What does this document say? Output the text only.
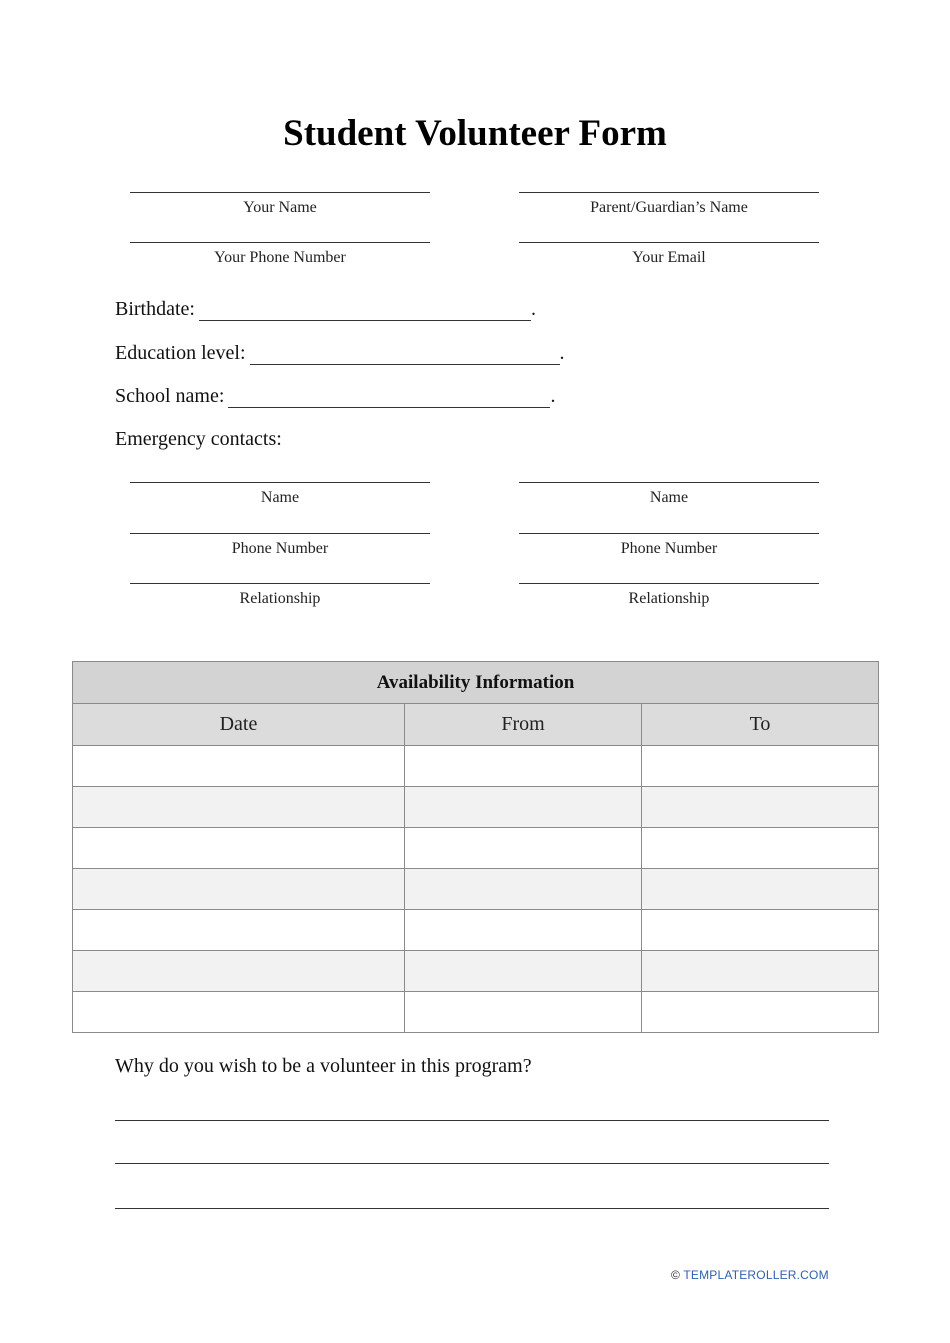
Student Volunteer Form
Your Name	Parent/Guardian’s Name
Your Phone Number	Your Email
Birthdate:	.
Education level:	.
School name:	.
Emergency contacts:
Name	Name
Phone Number	Phone Number
Relationship	Relationship
Availability Information		
Date	From	To

Why do you wish to be a volunteer in this program?
© TEMPLATEROLLER.COM
